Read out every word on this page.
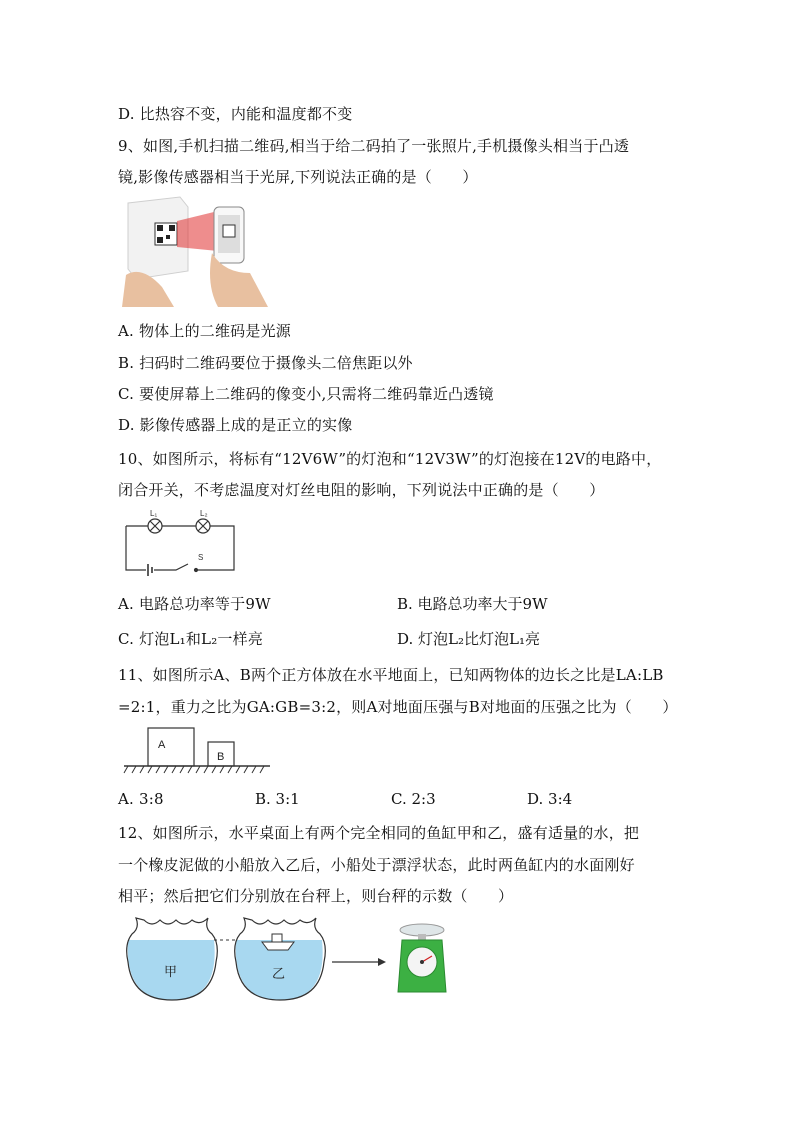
D. 比热容不变，内能和温度都不变
9、如图,手机扫描二维码,相当于给二码拍了一张照片,手机摄像头相当于凸透
镜,影像传感器相当于光屏,下列说法正确的是（　　）
A. 物体上的二维码是光源
B. 扫码时二维码要位于摄像头二倍焦距以外
C. 要使屏幕上二维码的像变小,只需将二维码靠近凸透镜
D. 影像传感器上成的是正立的实像
10、如图所示，将标有“12V6W”的灯泡和“12V3W”的灯泡接在12V的电路中，
闭合开关，不考虑温度对灯丝电阻的影响，下列说法中正确的是（　　）
L₁	L₂
S
A. 电路总功率等于9W	B. 电路总功率大于9W
C. 灯泡L₁和L₂一样亮	D. 灯泡L₂比灯泡L₁亮
11、如图所示A、B两个正方体放在水平地面上，已知两物体的边长之比是LA:LB
=2:1，重力之比为GA:GB=3:2，则A对地面压强与B对地面的压强之比为（　　）
A
B
A. 3:8	B. 3:1	C. 2:3	D. 3:4
12、如图所示，水平桌面上有两个完全相同的鱼缸甲和乙，盛有适量的水，把
一个橡皮泥做的小船放入乙后，小船处于漂浮状态，此时两鱼缸内的水面刚好
相平；然后把它们分别放在台秤上，则台秤的示数（　　）
甲	乙
